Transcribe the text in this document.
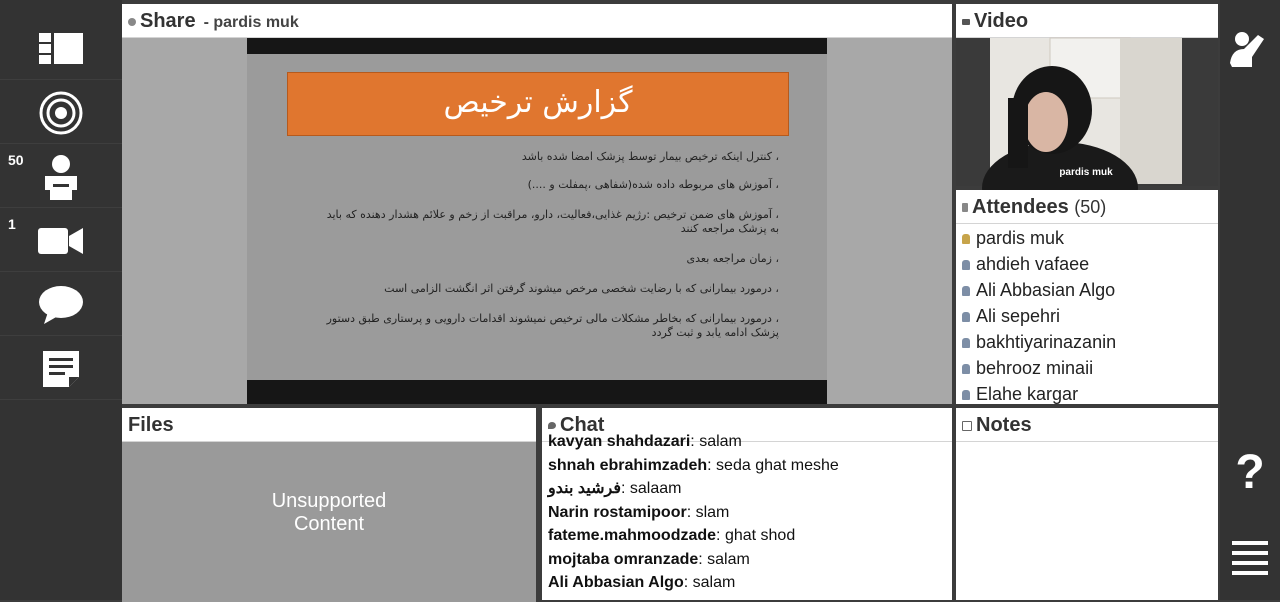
50
1
?
Share - pardis muk
گزارش ترخیص
، کنترل اینکه ترخیص بیمار توسط پزشک امضا شده باشد
، آموزش های مربوطه داده شده(شفاهی ،پمفلت و ....)
، آموزش های ضمن ترخیص :رژیم غذایی،فعالیت، دارو، مراقبت از زخم و علائم هشدار دهنده که باید به پزشک مراجعه کنند
، زمان مراجعه بعدی
، درمورد بیمارانی که با رضایت شخصی مرخص میشوند گرفتن اثر انگشت الزامی است
، درمورد بیمارانی که بخاطر مشکلات مالی ترخیص نمیشوند اقدامات دارویی و پرستاری طبق دستور پزشک ادامه یابد و ثبت گردد
Video
pardis muk
Attendees (50)
pardis muk
ahdieh vafaee
Ali Abbasian Algo
Ali sepehri
bakhtiyarinazanin
behrooz minaii
Elahe kargar
Files
Unsupported
Content
Chat
kavyan shahdazari: salam
shnah ebrahimzadeh: seda ghat meshe
فرشید بندو: salaam
Narin rostamipoor: slam
fateme.mahmoodzade: ghat shod
mojtaba omranzade: salam
Ali Abbasian Algo: salam
Notes
